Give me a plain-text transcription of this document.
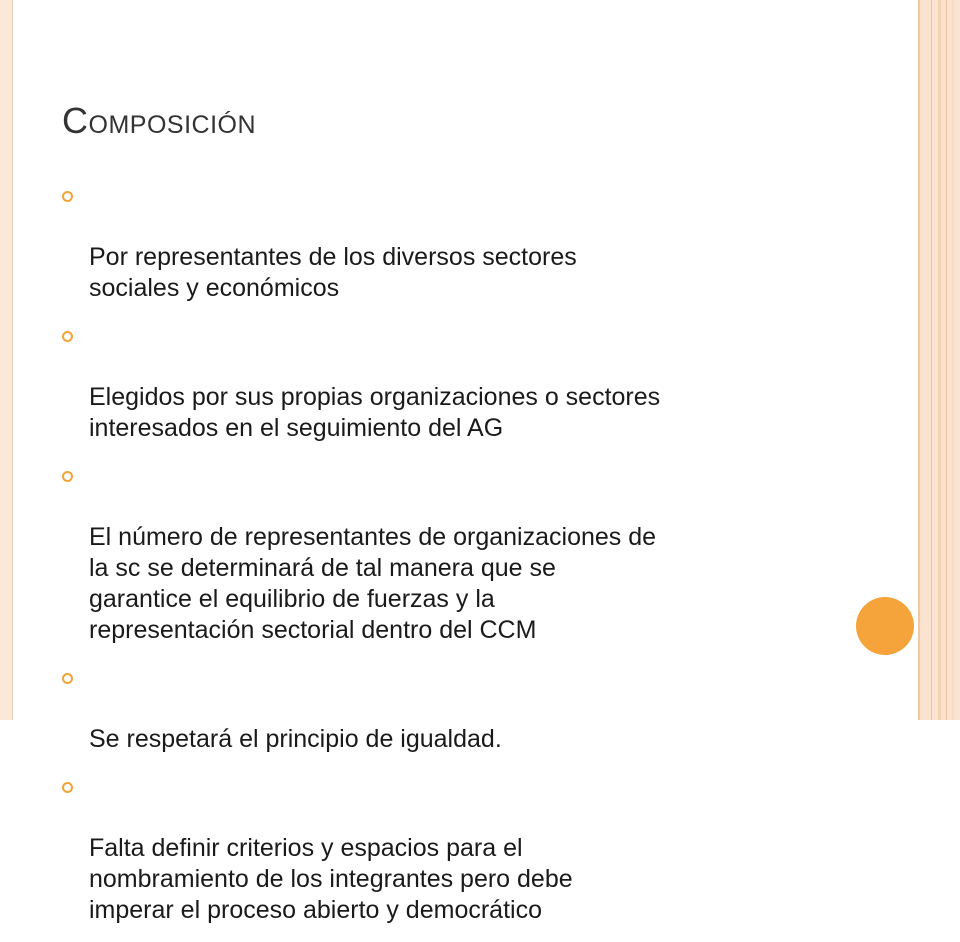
Composición

Por representantes de los diversos sectores
sociales y económicos

Elegidos por sus propias organizaciones o sectores
interesados en el seguimiento del AG

El número de representantes de organizaciones de
la sc se determinará de tal manera que se
garantice el equilibrio de fuerzas y la
representación sectorial dentro del CCM

Se respetará el principio de igualdad.

Falta definir criterios y espacios para el
nombramiento de los integrantes pero debe
imperar el proceso abierto y democrático
